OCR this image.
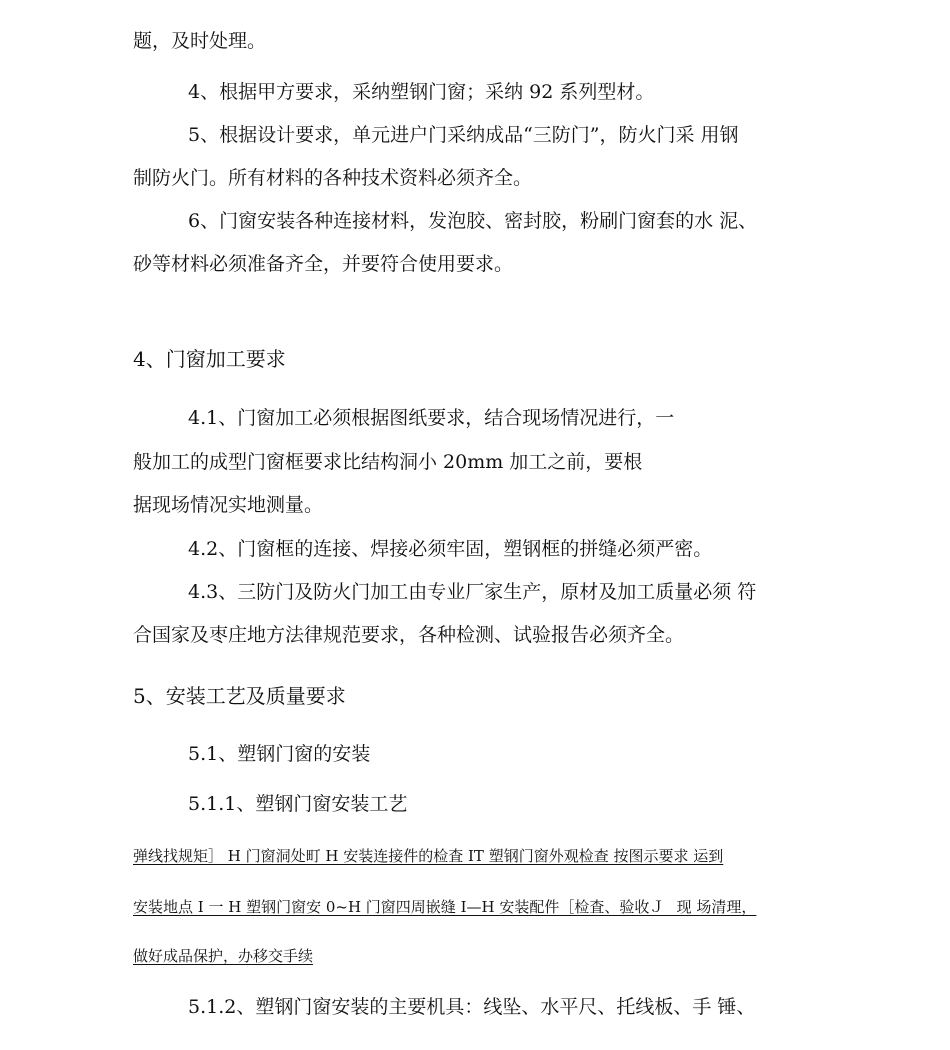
题，及时处理。
4、根据甲方要求，采纳塑钢门窗；采纳 92 系列型材。
5、根据设计要求，单元进户门采纳成品“三防门”，防火门采 用钢
制防火门。所有材料的各种技术资料必须齐全。
6、门窗安装各种连接材料，发泡胶、密封胶，粉刷门窗套的水 泥、
砂等材料必须准备齐全，并要符合使用要求。
4、门窗加工要求
4.1、门窗加工必须根据图纸要求，结合现场情况进行，一
般加工的成型门窗框要求比结构洞小 20mm 加工之前，要根
据现场情况实地测量。
4.2、门窗框的连接、焊接必须牢固，塑钢框的拼缝必须严密。
4.3、三防门及防火门加工由专业厂家生产，原材及加工质量必须 符
合国家及枣庄地方法律规范要求，各种检测、试验报告必须齐全。
5、安装工艺及质量要求
5.1、塑钢门窗的安装
5.1.1、塑钢门窗安装工艺
弹线找规矩］ H 门窗洞处町 H 安装连接件的检査 IT 塑钢门窗外观检查 按图示要求 运到
安装地点 I 一 H 塑钢门窗安 0~H 门窗四周嵌缝 I—H 安装配件［检査、验收Ｊ _现 场清理，
做好成品保护，办移交手续
5.1.2、塑钢门窗安装的主要机具：线坠、水平尺、托线板、手 锤、
